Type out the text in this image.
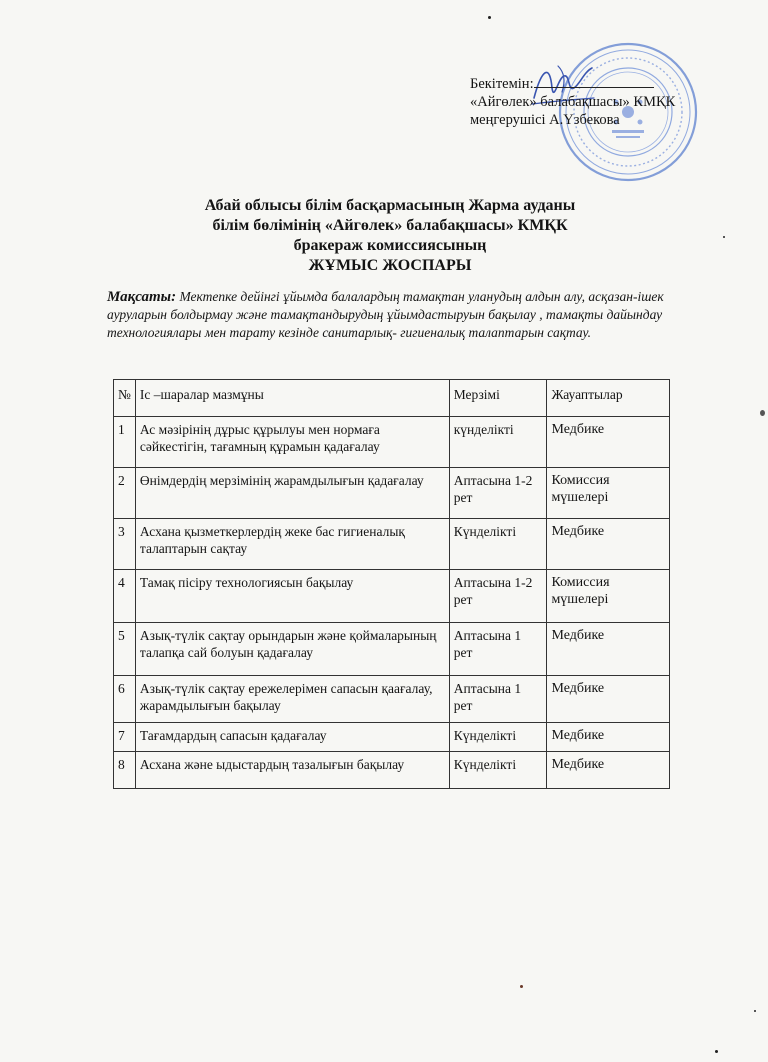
Бекітемін:
«Айгөлек» балабақшасы» КМҚК
меңгерушісі А.Үзбекова
Абай облысы білім басқармасының Жарма ауданы
білім бөлімінің «Айгөлек» балабақшасы» КМҚК
бракераж комиссиясының
ЖҰМЫС ЖОСПАРЫ
Мақсаты: Мектепке дейінгі ұйымда балалардың тамақтан уланудың алдын алу, асқазан-ішек ауруларын болдырмау және тамақтандырудың ұйымдастыруын бақылау , тамақты дайындау технологиялары мен тарату кезінде санитарлық- гигиеналық талаптарын сақтау.
№	Іс –шаралар мазмұны	Мерзімі	Жауаптылар
1	Ас мәзірінің дұрыс құрылуы мен нормаға сәйкестігін, тағамның құрамын қадағалау	күнделікті	Медбике
2	Өнімдердің мерзімінің жарамдылығын қадағалау	Аптасына 1-2 рет	Комиссия мүшелері
3	Асхана қызметкерлердің жеке бас гигиеналық талаптарын сақтау	Күнделікті	Медбике
4	Тамақ пісіру технологиясын бақылау	Аптасына 1-2 рет	Комиссия мүшелері
5	Азық-түлік сақтау орындарын және қоймаларының талапқа сай болуын қадағалау	Аптасына 1 рет	Медбике
6	Азық-түлік сақтау ережелерімен сапасын қаағалау, жарамдылығын бақылау	Аптасына 1 рет	Медбике
7	Тағамдардың сапасын қадағалау	Күнделікті	Медбике
8	Асхана және ыдыстардың тазалығын бақылау	Күнделікті	Медбике
